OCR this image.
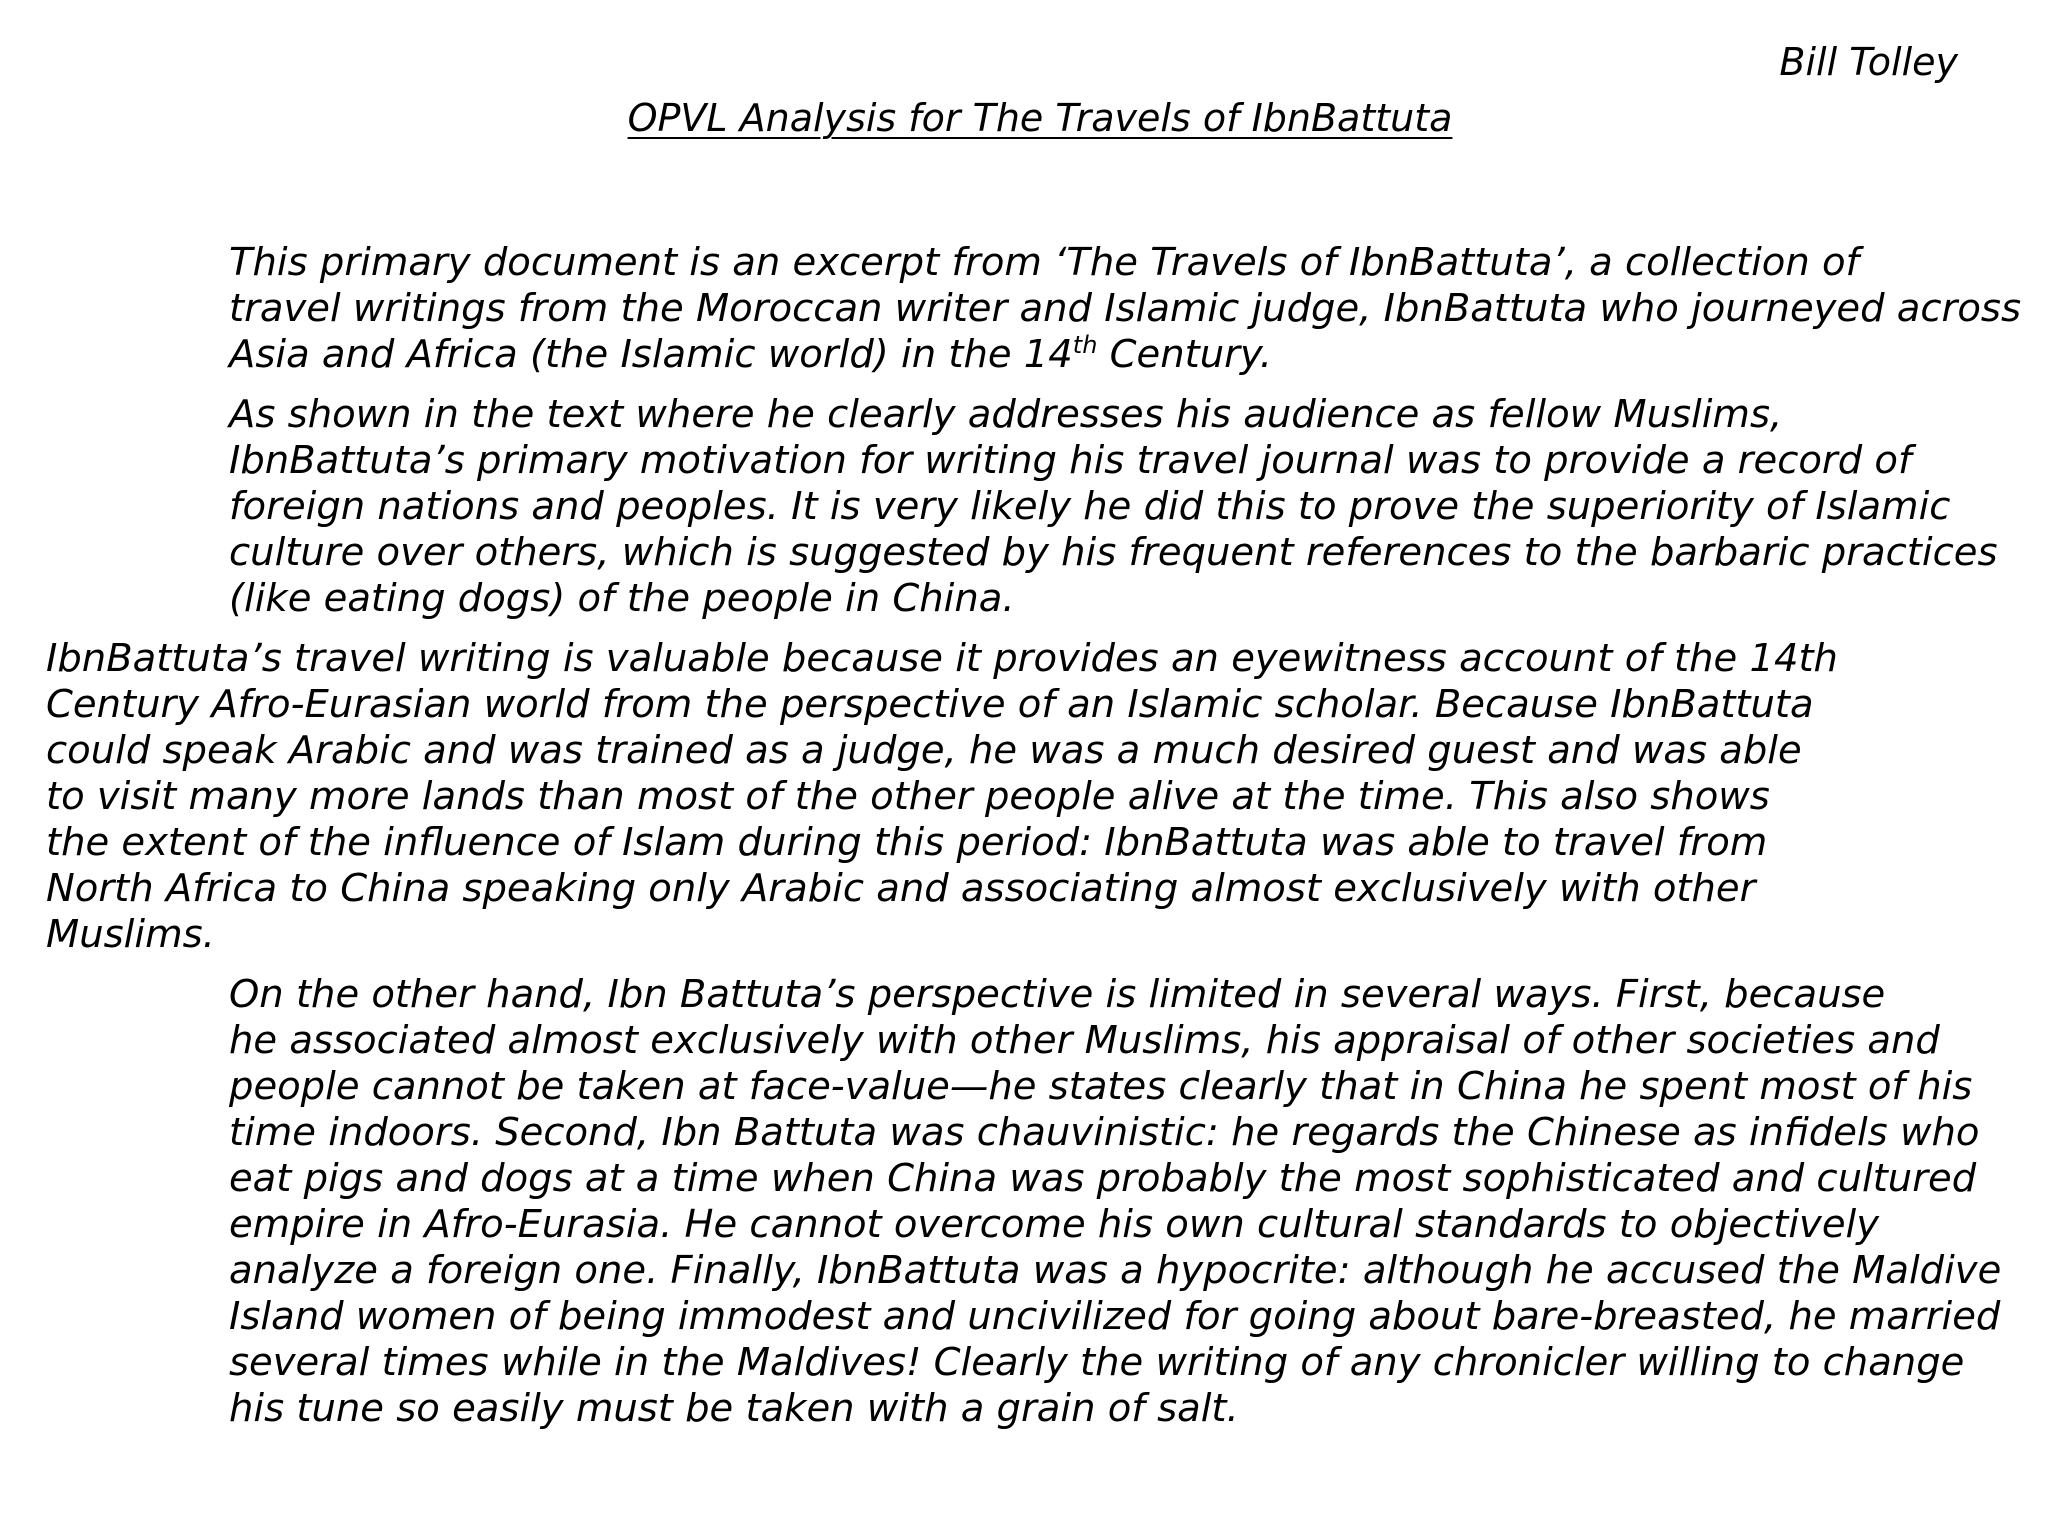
Bill Tolley
OPVL Analysis for The Travels of IbnBattuta

This primary document is an excerpt from ‘The Travels of IbnBattuta’, a collection of
travel writings from the Moroccan writer and Islamic judge, IbnBattuta who journeyed across
Asia and Africa (the Islamic world) in the 14th Century.

As shown in the text where he clearly addresses his audience as fellow Muslims,
IbnBattuta’s primary motivation for writing his travel journal was to provide a record of
foreign nations and peoples. It is very likely he did this to prove the superiority of Islamic
culture over others, which is suggested by his frequent references to the barbaric practices
(like eating dogs) of the people in China.

IbnBattuta’s travel writing is valuable because it provides an eyewitness account of the 14th
Century Afro-Eurasian world from the perspective of an Islamic scholar. Because IbnBattuta
could speak Arabic and was trained as a judge, he was a much desired guest and was able
to visit many more lands than most of the other people alive at the time. This also shows
the extent of the influence of Islam during this period: IbnBattuta was able to travel from
North Africa to China speaking only Arabic and associating almost exclusively with other
Muslims.

On the other hand, Ibn Battuta’s perspective is limited in several ways. First, because
he associated almost exclusively with other Muslims, his appraisal of other societies and
people cannot be taken at face-value—he states clearly that in China he spent most of his
time indoors. Second, Ibn Battuta was chauvinistic: he regards the Chinese as infidels who
eat pigs and dogs at a time when China was probably the most sophisticated and cultured
empire in Afro-Eurasia. He cannot overcome his own cultural standards to objectively
analyze a foreign one. Finally, IbnBattuta was a hypocrite: although he accused the Maldive
Island women of being immodest and uncivilized for going about bare-breasted, he married
several times while in the Maldives! Clearly the writing of any chronicler willing to change
his tune so easily must be taken with a grain of salt.
